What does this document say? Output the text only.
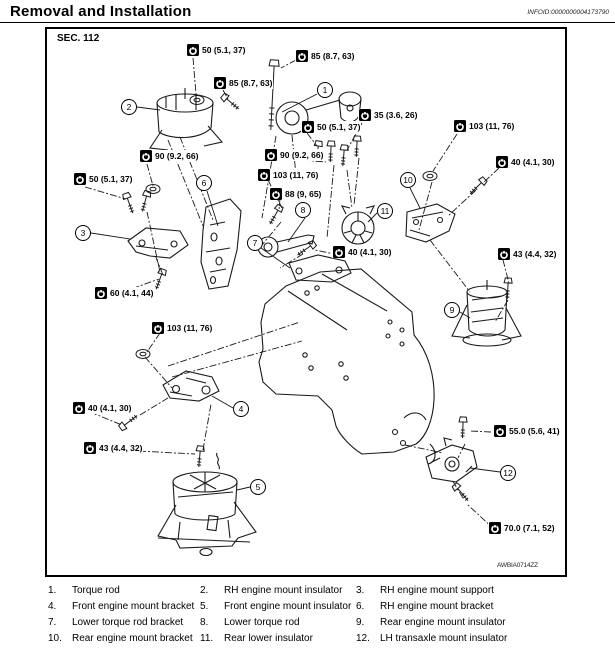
Removal and Installation	INFOID:0000000004173790
SEC. 112
AWBIA0714ZZ
50 (5.1, 37)
85 (8.7, 63)
85 (8.7, 63)
50 (5.1, 37)
35 (3.6, 26)
103 (11, 76)
40 (4.1, 30)
90 (9.2, 66)
50 (5.1, 37)
90 (9.2, 66)
103 (11, 76)
88 (9, 65)
40 (4.1, 30)	43 (4.4, 32)
60 (4.1, 44)
103 (11, 76)
40 (4.1, 30)
43 (4.4, 32)
55.0 (5.6, 41)
70.0 (7.1, 52)
1
2
3
4
5
6
7
8
9
10
11
12
1.	Torque rod	2.	RH engine mount insulator	3.	RH engine mount support
4.	Front engine mount bracket 5.	Front engine mount insulator 6.	RH engine mount bracket
7.	Lower torque rod bracket	8.	Lower torque rod	9.	Rear engine mount insulator
10.	Rear engine mount bracket 11.	Rear lower insulator	12.	LH transaxle mount insulator
